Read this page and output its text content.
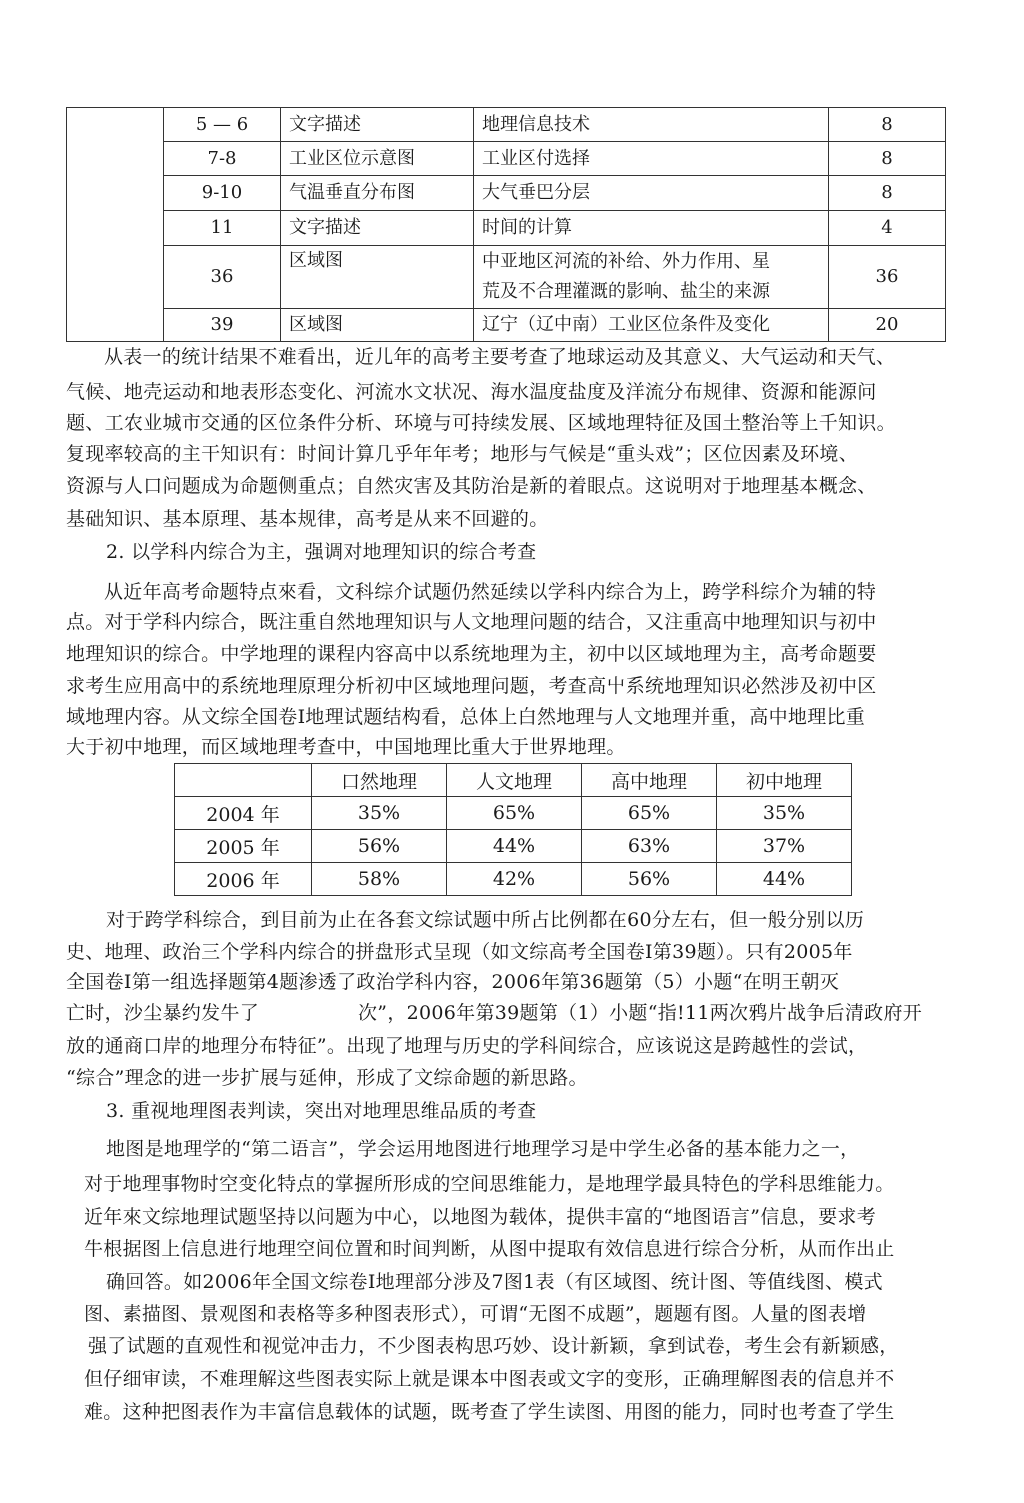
	5 — 6	文字描述	地理信息技术	8
	7-8	工业区位示意图	工业区付选择	8
	9-10	气温垂直分布图	大气垂巴分层	8
	11	文字描述	时间的计算	4
	36	区域图	中亚地区河流的补给、外力作用、星
荒及不合理灌溉的影响、盐尘的来源	36
	39	区域图	辽宁（辽中南）工业区位条件及变化	20
从表一的统计结果不难看出，近儿年的高考主要考查了地球运动及其意义、大气运动和天气、
气候、地壳运动和地表形态变化、河流水文状况、海水温度盐度及洋流分布规律、资源和能源问
题、工农业城市交通的区位条件分析、环境与可持续发展、区域地理特征及国土整治等上千知识。
复现率较高的主干知识有：时间计算几乎年年考；地形与气候是“重头戏”；区位因素及环境、
资源与人口问题成为命题侧重点；自然灾害及其防治是新的着眼点。这说明对于地理基本概念、
基础知识、基本原理、基本规律，高考是从来不回避的。
2. 以学科内综合为主，强调对地理知识的综合考查
从近年高考命题特点來看，文科综介试题仍然延续以学科内综合为上，跨学科综介为辅的特
点。对于学科内综合，既注重自然地理知识与人文地理问题的结合，又注重高中地理知识与初中
地理知识的综合。中学地理的课程内容高中以系统地理为主，初中以区域地理为主，高考命题要
求考生应用高中的系统地理原理分析初中区域地理问题，考查高屮系统地理知识必然涉及初中区
域地理内容。从文综全国卷I地理试题结构看，总体上白然地理与人文地理并重，高中地理比重
大于初中地理，而区域地理考查中，中国地理比重大于世界地理。
	口然地理	人文地理	高中地理	初中地理
2004 年	35%	65%	65%	35%
2005 年	56%	44%	63%	37%
2006 年	58%	42%	56%	44%
对于跨学科综合，到目前为止在各套文综试题中所占比例都在60分左右，但一般分别以历
史、地理、政治三个学科内综合的拼盘形式呈现（如文综高考全国卷I第39题）。只有2005年
全国卷I第一组选择题第4题渗透了政治学科内容，2006年第36题第（5）小题“在明王朝灭
亡时，沙尘暴约发牛了	次”，2006年第39题第（1）小题“指!11两次鸦片战争后清政府开
放的通商口岸的地理分布特征”。出现了地理与历史的学科间综合，应该说这是跨越性的尝试，
“综合”理念的进一步扩展与延伸，形成了文综命题的新思路。
3. 重视地理图表判读，突出对地理思维品质的考查
地图是地理学的“第二语言”，学会运用地图进行地理学习是中学生必备的基本能力之一，
对于地理事物时空变化特点的掌握所形成的空间思维能力，是地理学最具特色的学科思维能力。
近年來文综地理试题坚持以问题为中心，以地图为载体，提供丰富的“地图语言”信息，要求考
牛根据图上信息进行地理空间位置和时间判断，从图中提取有效信息进行综合分析，从而作出止
确回答。如2006年全国文综卷I地理部分涉及7图1表（有区域图、统计图、等值线图、模式
图、素描图、景观图和表格等多种图表形式），可谓“无图不成题”，题题有图。人量的图表增
强了试题的直观性和视觉冲击力，不少图表构思巧妙、设计新颖，拿到试卷，考生会有新颖感，
但仔细审读，不难理解这些图表实际上就是课本中图表或文字的变形，正确理解图表的信息并不
难。这种把图表作为丰富信息载体的试题，既考查了学生读图、用图的能力，同时也考查了学生
